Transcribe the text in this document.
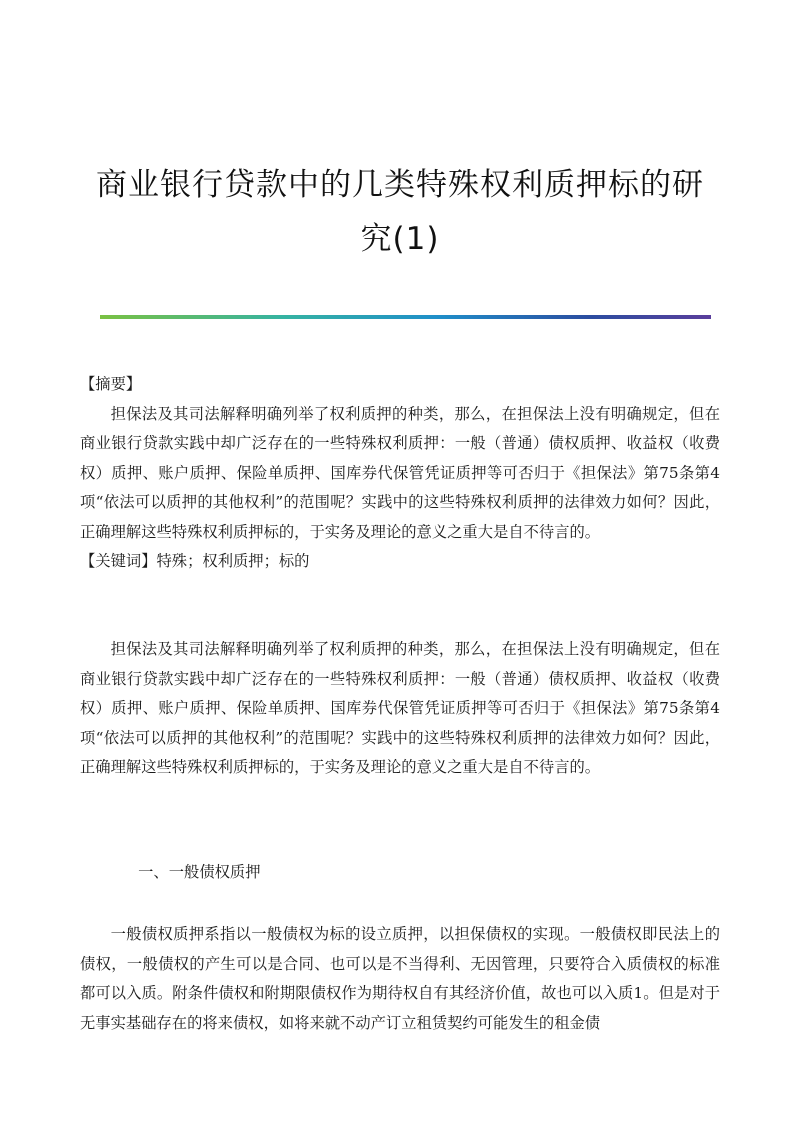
商业银行贷款中的几类特殊权利质押标的研究(1)

【摘要】

担保法及其司法解释明确列举了权利质押的种类，那么，在担保法上没有明确规定，但在商业银行贷款实践中却广泛存在的一些特殊权利质押：一般（普通）债权质押、收益权（收费权）质押、账户质押、保险单质押、国库券代保管凭证质押等可否归于《担保法》第75条第4项“依法可以质押的其他权利”的范围呢？实践中的这些特殊权利质押的法律效力如何？因此，正确理解这些特殊权利质押标的，于实务及理论的意义之重大是自不待言的。

【关键词】特殊；权利质押；标的

担保法及其司法解释明确列举了权利质押的种类，那么，在担保法上没有明确规定，但在商业银行贷款实践中却广泛存在的一些特殊权利质押：一般（普通）债权质押、收益权（收费权）质押、账户质押、保险单质押、国库券代保管凭证质押等可否归于《担保法》第75条第4项“依法可以质押的其他权利”的范围呢？实践中的这些特殊权利质押的法律效力如何？因此，正确理解这些特殊权利质押标的，于实务及理论的意义之重大是自不待言的。

一、一般债权质押

一般债权质押系指以一般债权为标的设立质押，以担保债权的实现。一般债权即民法上的债权，一般债权的产生可以是合同、也可以是不当得利、无因管理，只要符合入质债权的标准都可以入质。附条件债权和附期限债权作为期待权自有其经济价值，故也可以入质1。但是对于无事实基础存在的将来债权，如将来就不动产订立租赁契约可能发生的租金债
